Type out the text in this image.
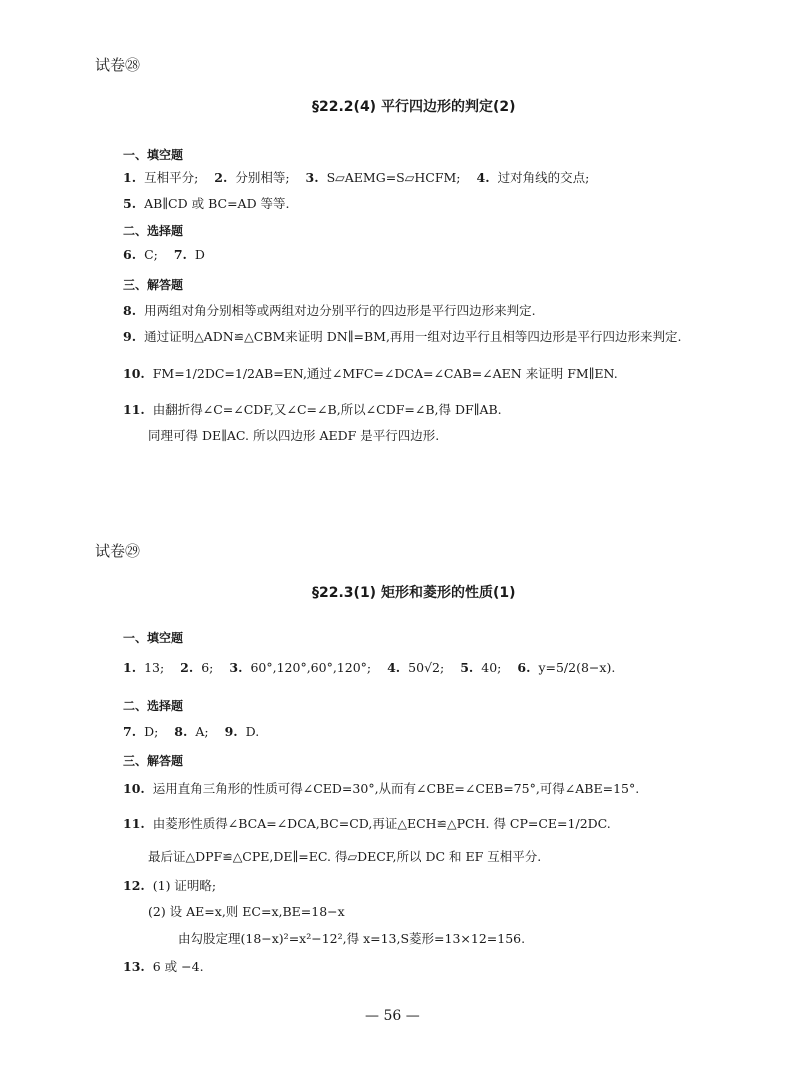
试卷㉘
§22.2(4) 平行四边形的判定(2)
一、填空题
1. 互相平分; 2. 分别相等; 3. S▱AEMG=S▱HCFM; 4. 过对角线的交点;
5. AB∥CD 或 BC=AD 等等.
二、选择题
6. C; 7. D
三、解答题
8. 用两组对角分别相等或两组对边分别平行的四边形是平行四边形来判定.
9. 通过证明△ADN≌△CBM来证明 DN∥=BM,再用一组对边平行且相等四边形是平行四边形来判定.
10. FM=1/2DC=1/2AB=EN,通过∠MFC=∠DCA=∠CAB=∠AEN 来证明 FM∥EN.
11. 由翻折得∠C=∠CDF,又∠C=∠B,所以∠CDF=∠B,得 DF∥AB.
同理可得 DE∥AC. 所以四边形 AEDF 是平行四边形.
试卷㉙
§22.3(1) 矩形和菱形的性质(1)
一、填空题
1. 13; 2. 6; 3. 60°,120°,60°,120°; 4. 50√2; 5. 40; 6. y=5/2(8−x).
二、选择题
7. D; 8. A; 9. D.
三、解答题
10. 运用直角三角形的性质可得∠CED=30°,从而有∠CBE=∠CEB=75°,可得∠ABE=15°.
11. 由菱形性质得∠BCA=∠DCA,BC=CD,再证△ECH≌△PCH. 得 CP=CE=1/2DC.
最后证△DPF≌△CPE,DE∥=EC. 得▱DECF,所以 DC 和 EF 互相平分.
12. (1) 证明略;
(2) 设 AE=x,则 EC=x,BE=18−x
由勾股定理(18−x)²=x²−12²,得 x=13,S菱形=13×12=156.
13. 6 或 −4.
— 56 —
